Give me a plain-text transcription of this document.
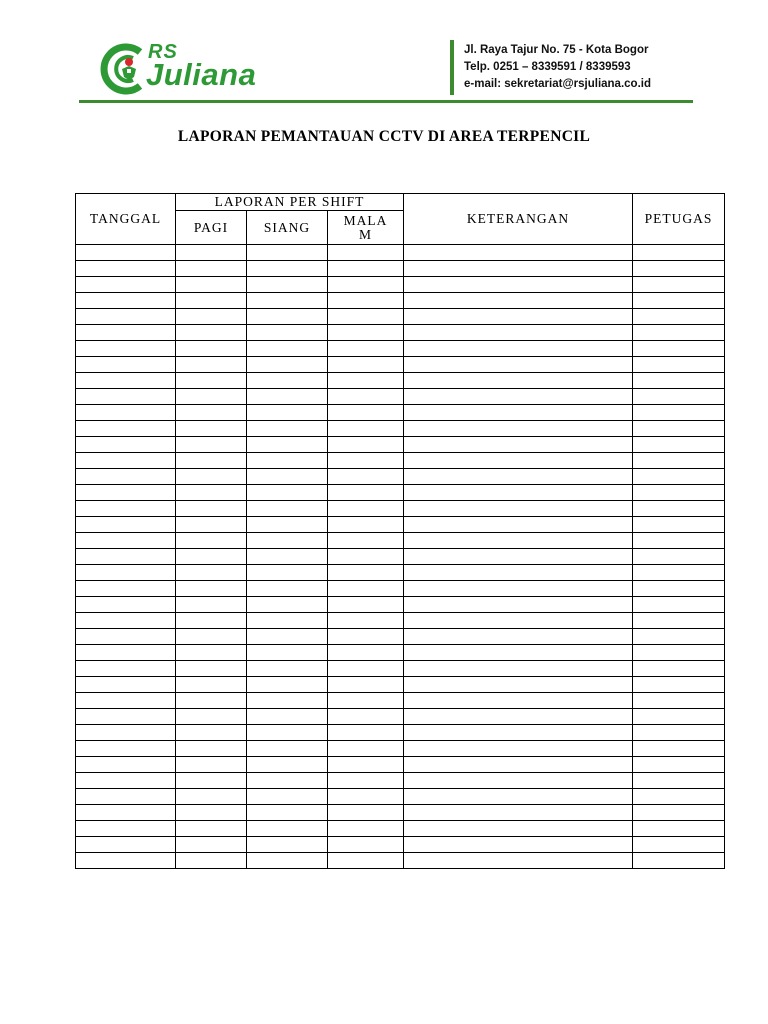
RS
Juliana
Jl. Raya Tajur No. 75 - Kota Bogor
Telp. 0251 – 8339591 / 8339593
e-mail: sekretariat@rsjuliana.co.id
LAPORAN PEMANTAUAN CCTV DI AREA TERPENCIL
TANGGAL	LAPORAN PER SHIFT			KETERANGAN	PETUGAS
	PAGI	SIANG	MALA
M		
